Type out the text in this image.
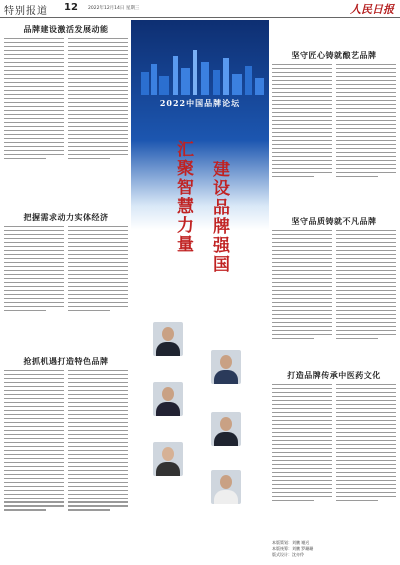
特别报道 12 2022年12月14日 星期三	人民日报
品牌建设激活发展动能
把握需求动力实体经济
抢抓机遇打造特色品牌
2022中国品牌论坛
建设品牌强国
汇聚智慧力量
坚守匠心铸就酿艺品牌
坚守品质铸就不凡品牌
打造品牌传承中医药文化
本版策划：刘鹏 谢迟
本版统筹：刘鹏 罗珊珊
版式设计：沈亦伶
